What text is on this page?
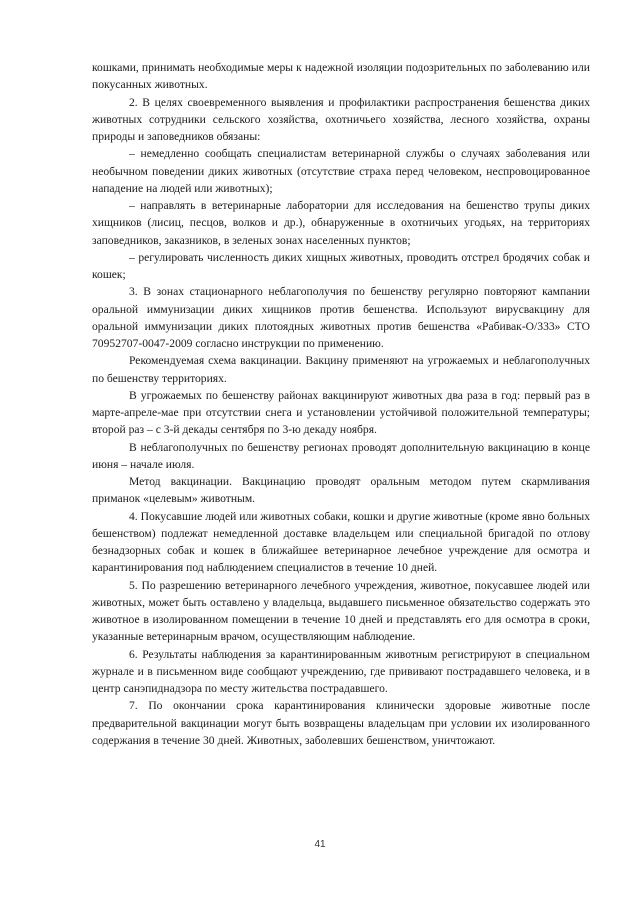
кошками, принимать необходимые меры к надежной изоляции подозрительных по заболеванию или покусанных животных.

2. В целях своевременного выявления и профилактики распространения бешенства диких животных сотрудники сельского хозяйства, охотничьего хозяйства, лесного хозяйства, охраны природы и заповедников обязаны:

– немедленно сообщать специалистам ветеринарной службы о случаях заболевания или необычном поведении диких животных (отсутствие страха перед человеком, неспровоцированное нападение на людей или животных);

– направлять в ветеринарные лаборатории для исследования на бешенство трупы диких хищников (лисиц, песцов, волков и др.), обнаруженные в охотничьих угодьях, на территориях заповедников, заказников, в зеленых зонах населенных пунктов;

– регулировать численность диких хищных животных, проводить отстрел бродячих собак и кошек;

3. В зонах стационарного неблагополучия по бешенству регулярно повторяют кампании оральной иммунизации диких хищников против бешенства. Используют вирусвакцину для оральной иммунизации диких плотоядных животных против бешенства «Рабивак-О/333» СТО 70952707-0047-2009 согласно инструкции по применению.

Рекомендуемая схема вакцинации. Вакцину применяют на угрожаемых и неблагополучных по бешенству территориях.

В угрожаемых по бешенству районах вакцинируют животных два раза в год: первый раз в марте-апреле-мае при отсутствии снега и установлении устойчивой положительной температуры; второй раз – с 3-й декады сентября по 3-ю декаду ноября.

В неблагополучных по бешенству регионах проводят дополнительную вакцинацию в конце июня – начале июля.

Метод вакцинации. Вакцинацию проводят оральным методом путем скармливания приманок «целевым» животным.

4. Покусавшие людей или животных собаки, кошки и другие животные (кроме явно больных бешенством) подлежат немедленной доставке владельцем или специальной бригадой по отлову безнадзорных собак и кошек в ближайшее ветеринарное лечебное учреждение для осмотра и карантинирования под наблюдением специалистов в течение 10 дней.

5. По разрешению ветеринарного лечебного учреждения, животное, покусавшее людей или животных, может быть оставлено у владельца, выдавшего письменное обязательство содержать это животное в изолированном помещении в течение 10 дней и представлять его для осмотра в сроки, указанные ветеринарным врачом, осуществляющим наблюдение.

6. Результаты наблюдения за карантинированным животным регистрируют в специальном журнале и в письменном виде сообщают учреждению, где прививают пострадавшего человека, и в центр санэпиднадзора по месту жительства пострадавшего.

7. По окончании срока карантинирования клинически здоровые животные после предварительной вакцинации могут быть возвращены владельцам при условии их изолированного содержания в течение 30 дней. Животных, заболевших бешенством, уничтожают.

41
